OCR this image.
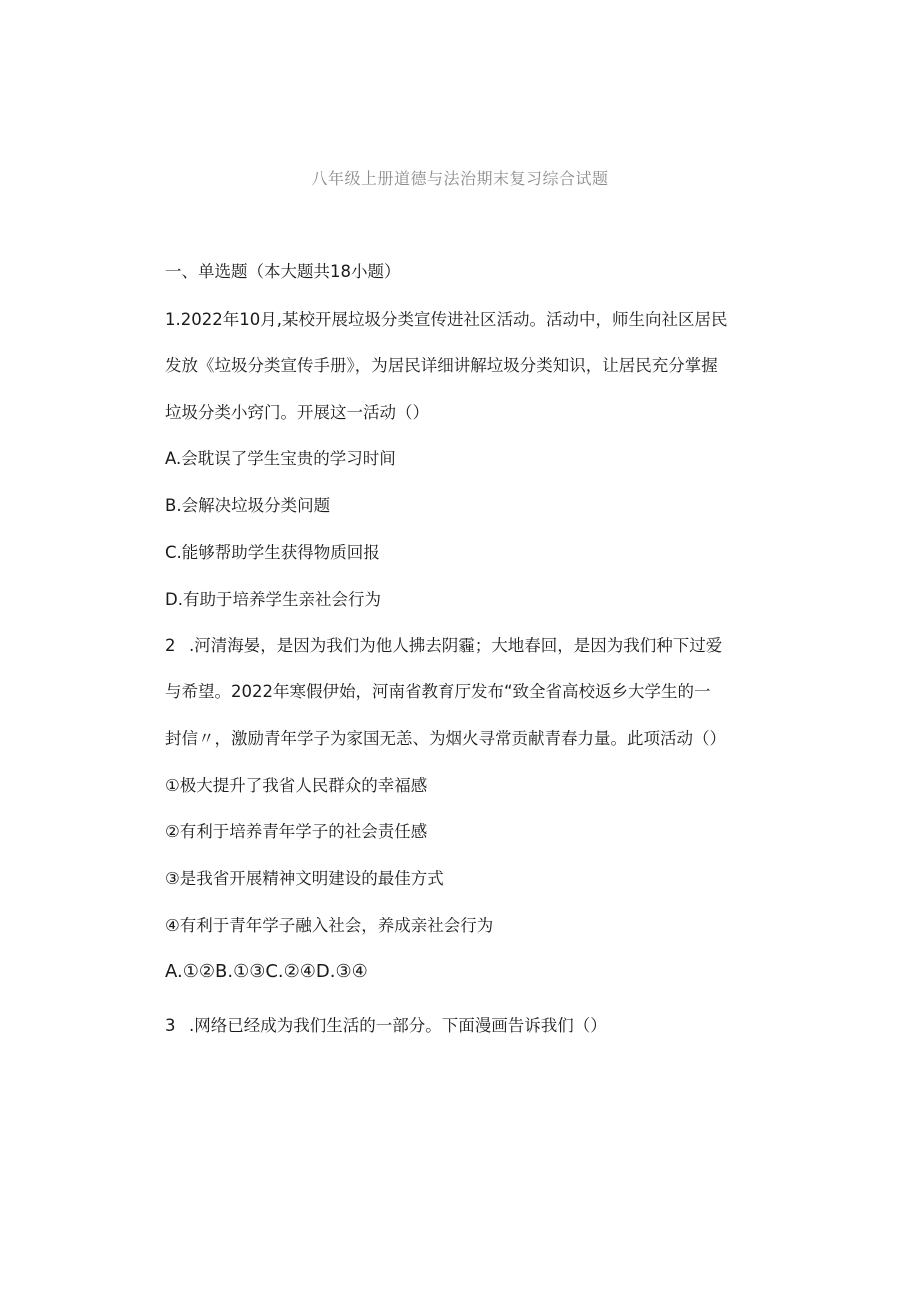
八年级上册道德与法治期末复习综合试题
一、单选题（本大题共18小题）
1.2022年10月,某校开展垃圾分类宣传进社区活动。活动中，师生向社区居民
发放《垃圾分类宣传手册》，为居民详细讲解垃圾分类知识，让居民充分掌握
垃圾分类小窍门。开展这一活动（）
A.会耽误了学生宝贵的学习时间
B.会解决垃圾分类问题
C.能够帮助学生获得物质回报
D.有助于培养学生亲社会行为
2 .河清海晏，是因为我们为他人拂去阴霾；大地春回，是因为我们种下过爱
与希望。2022年寒假伊始，河南省教育厅发布“致全省高校返乡大学生的一
封信〃，激励青年学子为家国无恙、为烟火寻常贡献青春力量。此项活动（）
①极大提升了我省人民群众的幸福感
②有利于培养青年学子的社会责任感
③是我省开展精神文明建设的最佳方式
④有利于青年学子融入社会，养成亲社会行为
A.①②B.①③C.②④D.③④
3 .网络已经成为我们生活的一部分。下面漫画告诉我们（）
